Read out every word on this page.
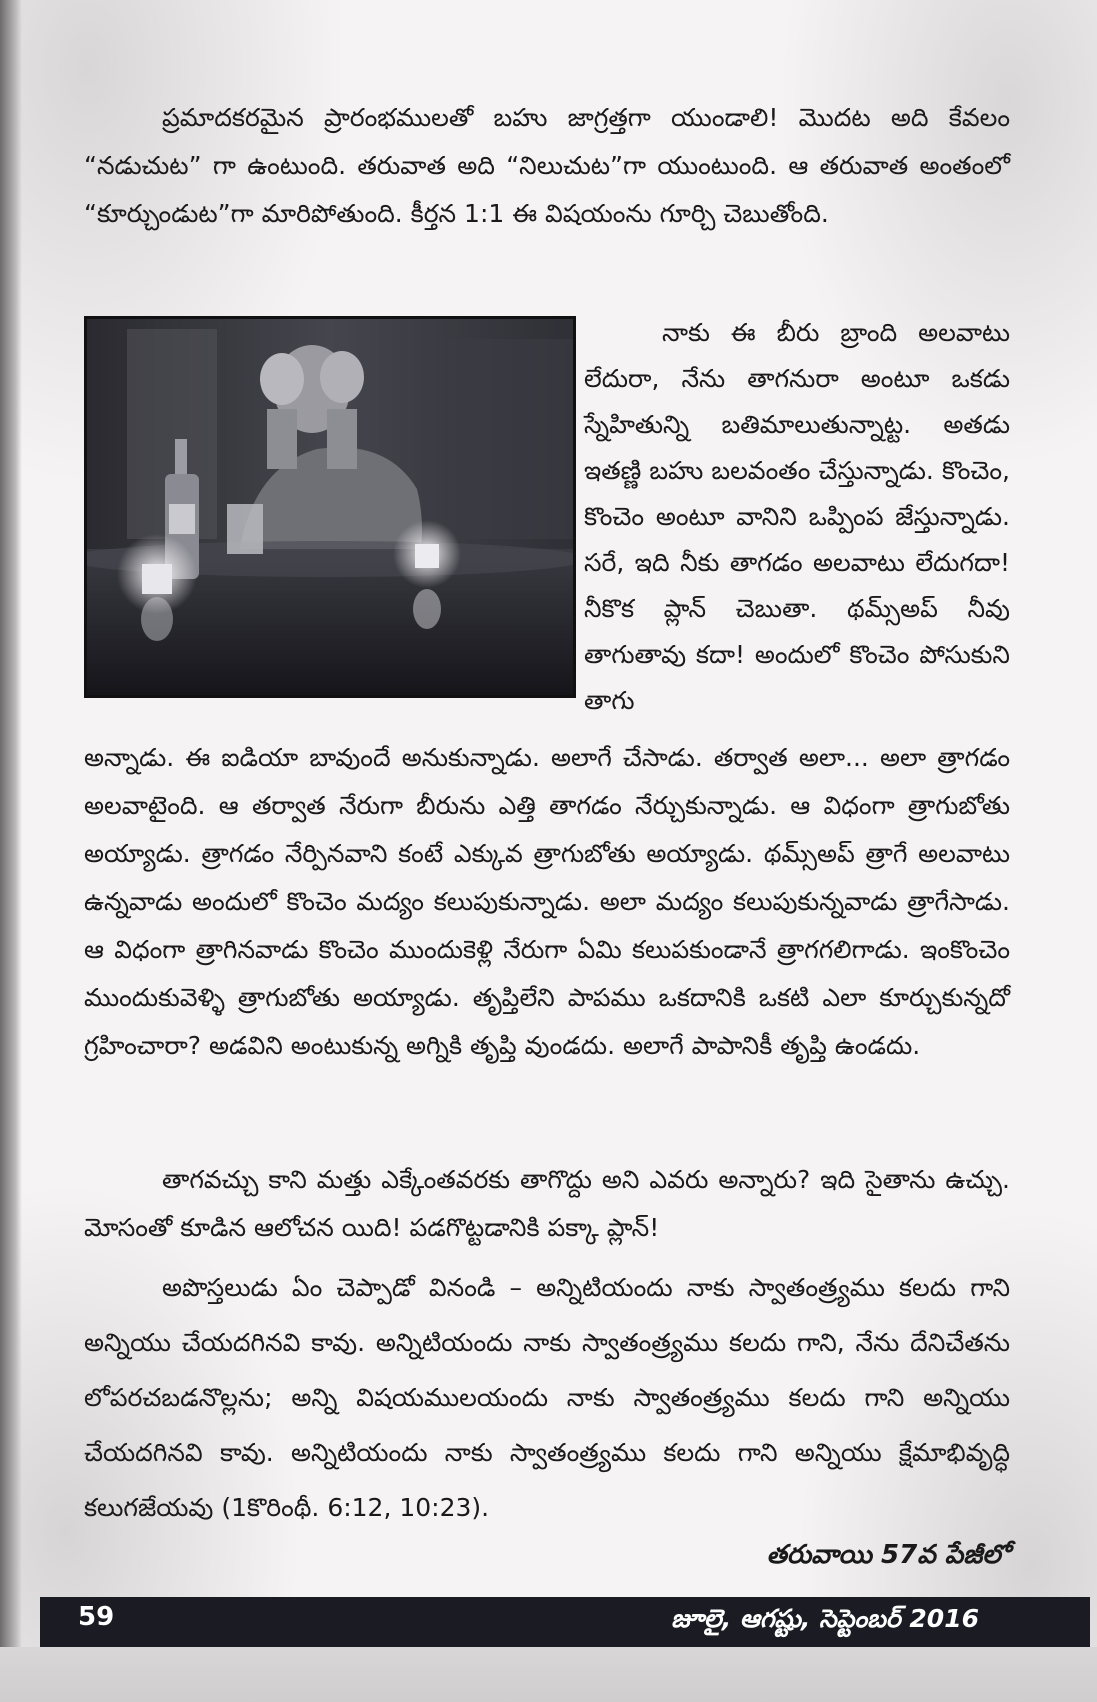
ప్రమాదకరమైన ప్రారంభములతో బహు జాగ్రత్తగా యుండాలి! మొదట అది కేవలం “నడుచుట” గా ఉంటుంది. తరువాత అది “నిలుచుట”గా యుంటుంది. ఆ తరువాత అంతంలో “కూర్చుండుట”గా మారిపోతుంది. కీర్తన 1:1 ఈ విషయంను గూర్చి చెబుతోంది.

నాకు ఈ బీరు బ్రాంది అలవాటు లేదురా, నేను తాగనురా అంటూ ఒకడు స్నేహితున్ని బతిమాలుతున్నాట్ట. అతడు ఇతణ్ణి బహు బలవంతం చేస్తున్నాడు. కొంచెం, కొంచెం అంటూ వానిని ఒప్పింప జేస్తున్నాడు. సరే, ఇది నీకు తాగడం అలవాటు లేదుగదా! నీకొక ప్లాన్ చెబుతా. థమ్స్అప్ నీవు తాగుతావు కదా! అందులో కొంచెం పోసుకుని తాగు

అన్నాడు. ఈ ఐడియా బావుందే అనుకున్నాడు. అలాగే చేసాడు. తర్వాత అలా... అలా త్రాగడం అలవాటైంది. ఆ తర్వాత నేరుగా బీరును ఎత్తి తాగడం నేర్చుకున్నాడు. ఆ విధంగా త్రాగుబోతు అయ్యాడు. త్రాగడం నేర్పినవాని కంటే ఎక్కువ త్రాగుబోతు అయ్యాడు. థమ్స్అప్ త్రాగే అలవాటు ఉన్నవాడు అందులో కొంచెం మద్యం కలుపుకున్నాడు. అలా మద్యం కలుపుకున్నవాడు త్రాగేసాడు. ఆ విధంగా త్రాగినవాడు కొంచెం ముందుకెళ్లి నేరుగా ఏమి కలుపకుండానే త్రాగగలిగాడు. ఇంకొంచెం ముందుకువెళ్ళి త్రాగుబోతు అయ్యాడు. తృప్తిలేని పాపము ఒకదానికి ఒకటి ఎలా కూర్చుకున్నదో గ్రహించారా? అడవిని అంటుకున్న అగ్నికి తృప్తి వుండదు. అలాగే పాపానికీ తృప్తి ఉండదు.

తాగవచ్చు కాని మత్తు ఎక్కేంతవరకు తాగొద్దు అని ఎవరు అన్నారు? ఇది సైతాను ఉచ్చు. మోసంతో కూడిన ఆలోచన యిది! పడగొట్టడానికి పక్కా ప్లాన్!

అపొస్తలుడు ఏం చెప్పాడో వినండి – అన్నిటియందు నాకు స్వాతంత్ర్యము కలదు గాని అన్నియు చేయదగినవి కావు. అన్నిటియందు నాకు స్వాతంత్ర్యము కలదు గాని, నేను దేనిచేతను లోపరచబడనొల్లను; అన్ని విషయములయందు నాకు స్వాతంత్ర్యము కలదు గాని అన్నియు చేయదగినవి కావు. అన్నిటియందు నాకు స్వాతంత్ర్యము కలదు గాని అన్నియు క్షేమాభివృద్ధి కలుగజేయవు (1కొరింథీ. 6:12, 10:23).

తరువాయి 57వ పేజీలో
59	జూలై, ఆగష్టు, సెప్టెంబర్ 2016
